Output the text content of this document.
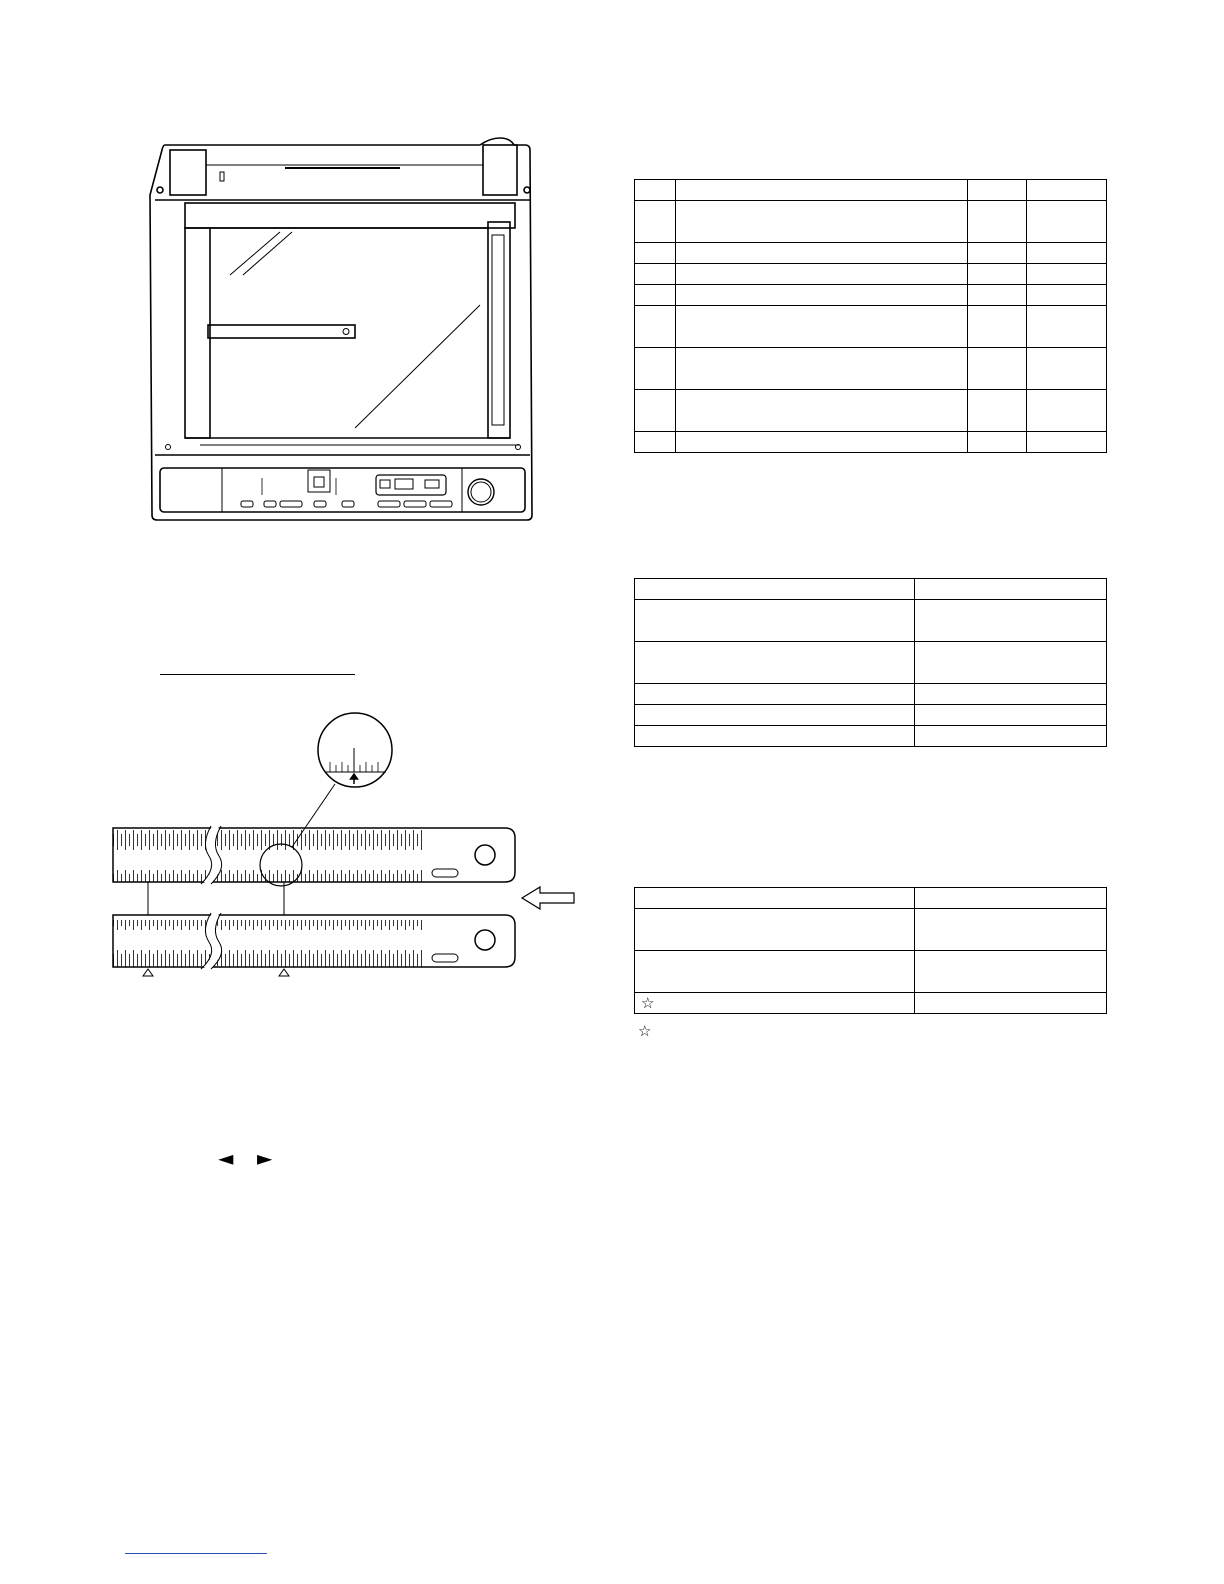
◄ ►

☆	
☆
